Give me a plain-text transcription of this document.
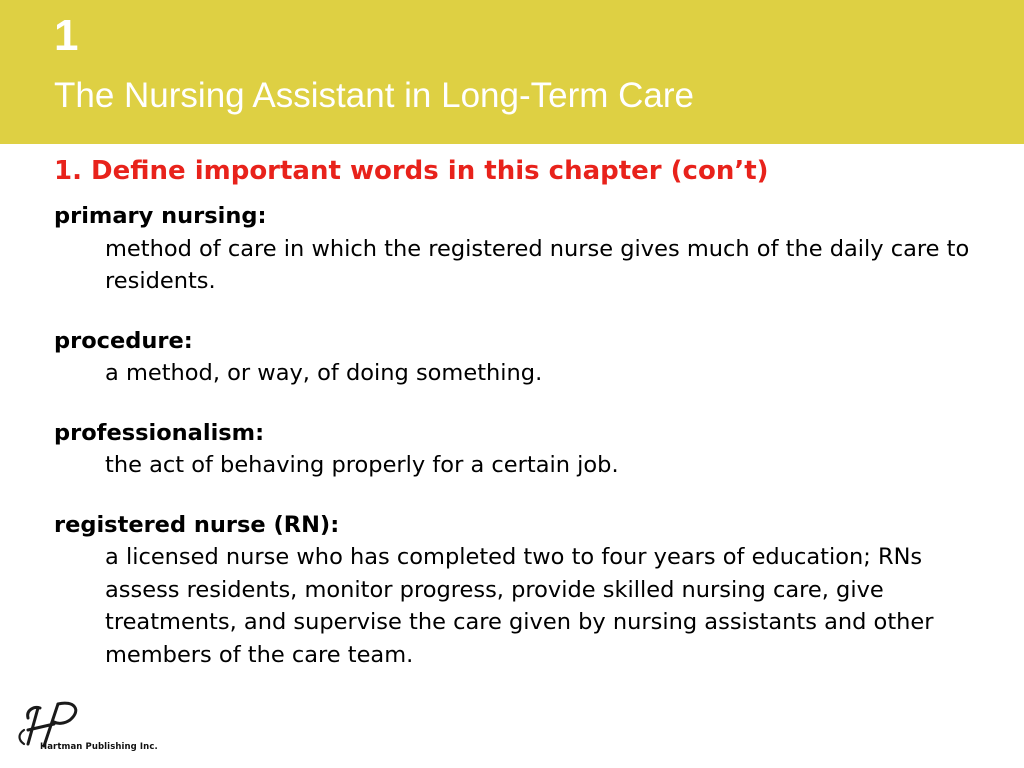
1
The Nursing Assistant in Long-Term Care
1. Define important words in this chapter (con’t)
primary nursing:
method of care in which the registered nurse gives much of the daily care to residents.
procedure:
a method, or way, of doing something.
professionalism:
the act of behaving properly for a certain job.
registered nurse (RN):
a licensed nurse who has completed two to four years of education; RNs assess residents, monitor progress, provide skilled nursing care, give treatments, and supervise the care given by nursing assistants and other members of the care team.
Hartman Publishing Inc.
